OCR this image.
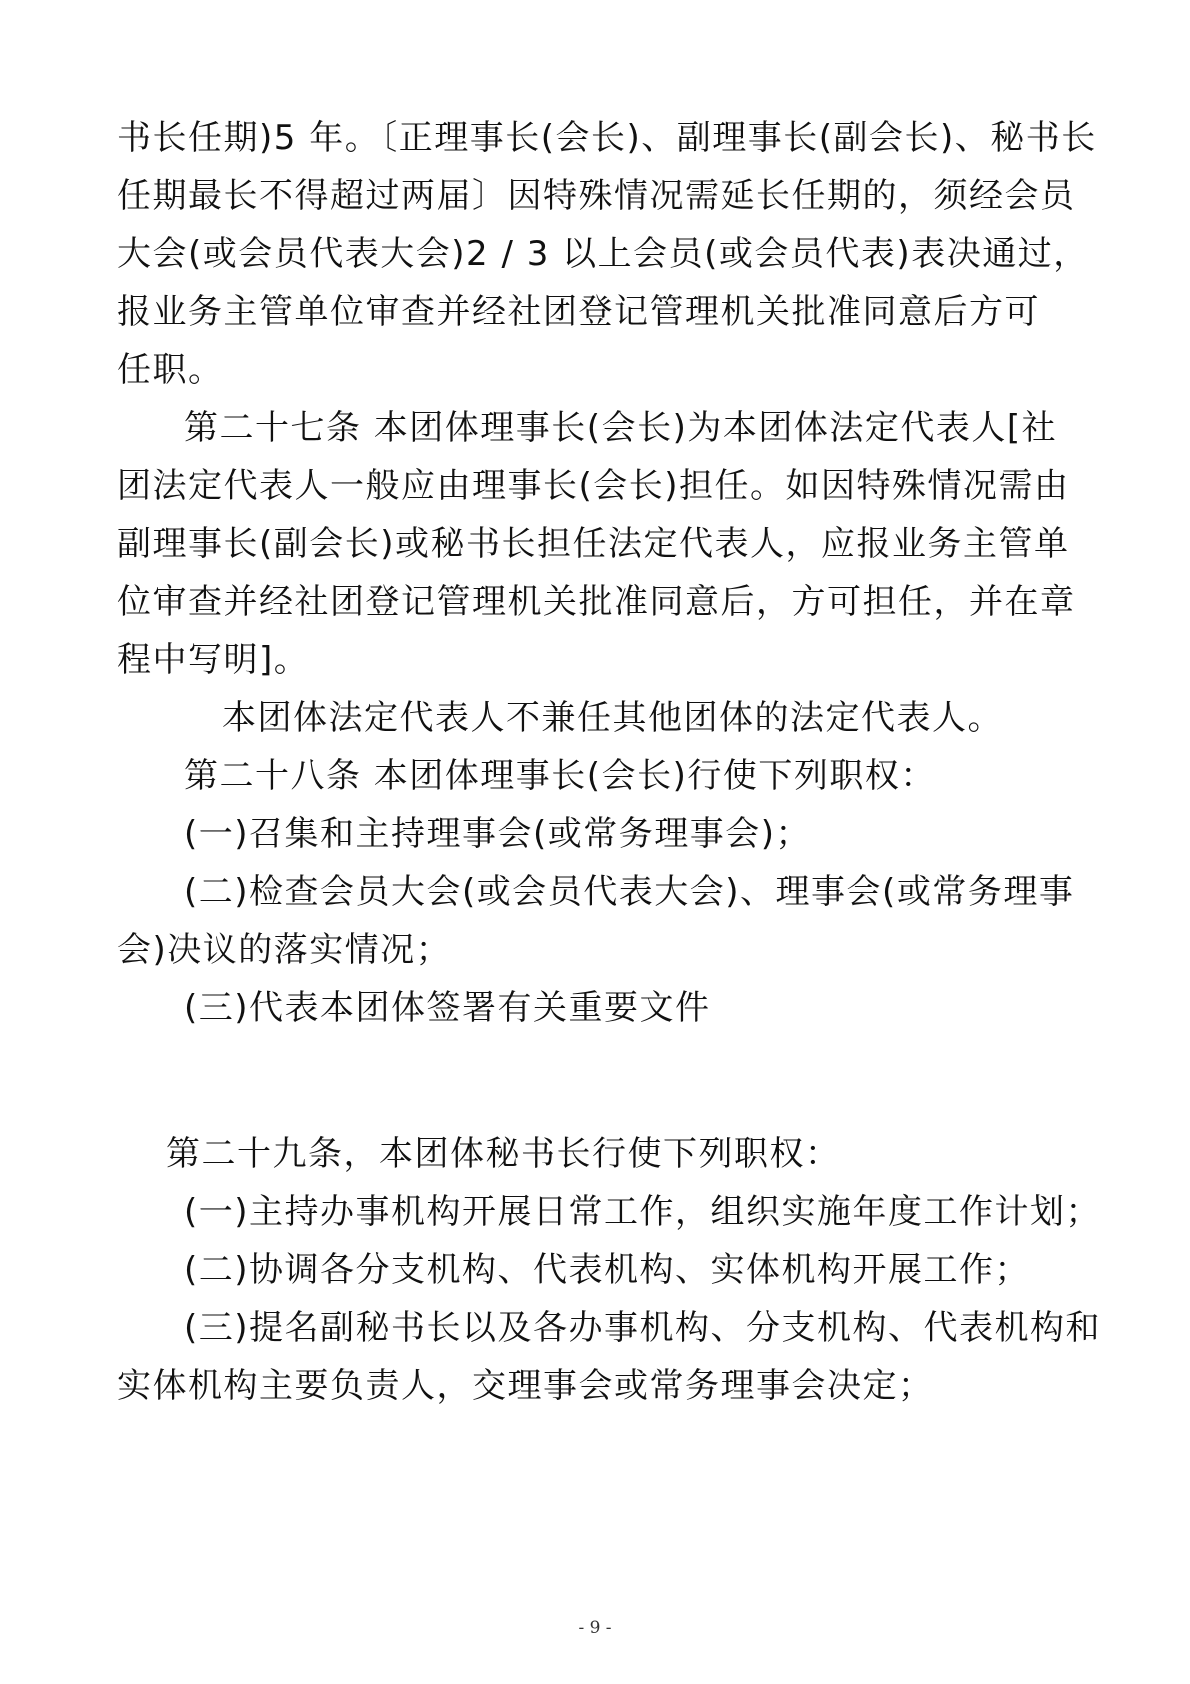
书长任期)5 年。〔正理事长(会长)、副理事长(副会长)、秘书长
任期最长不得超过两届〕因特殊情况需延长任期的，须经会员
大会(或会员代表大会)2 / 3 以上会员(或会员代表)表决通过，
报业务主管单位审查并经社团登记管理机关批准同意后方可
任职。
第二十七条 本团体理事长(会长)为本团体法定代表人[社
团法定代表人一般应由理事长(会长)担任。如因特殊情况需由
副理事长(副会长)或秘书长担任法定代表人，应报业务主管单
位审查并经社团登记管理机关批准同意后，方可担任，并在章
程中写明]。
本团体法定代表人不兼任其他团体的法定代表人。
第二十八条 本团体理事长(会长)行使下列职权：
(一)召集和主持理事会(或常务理事会)；
(二)检查会员大会(或会员代表大会)、理事会(或常务理事
会)决议的落实情况；
(三)代表本团体签署有关重要文件
第二十九条，本团体秘书长行使下列职权：
(一)主持办事机构开展日常工作，组织实施年度工作计划；
(二)协调各分支机构、代表机构、实体机构开展工作；
(三)提名副秘书长以及各办事机构、分支机构、代表机构和
实体机构主要负责人，交理事会或常务理事会决定；
- 9 -
